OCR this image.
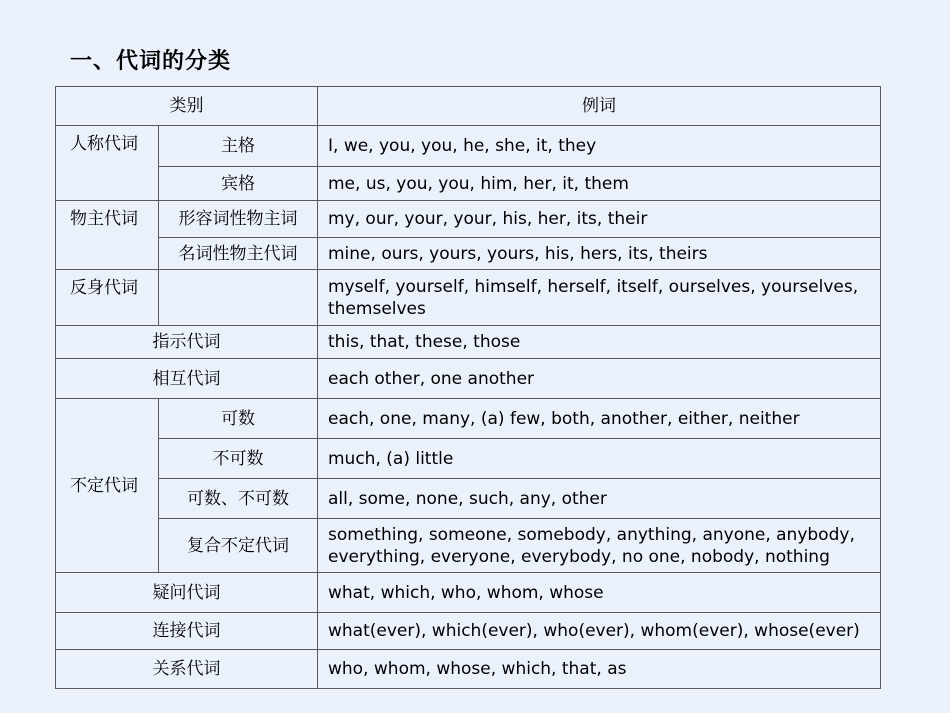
一、代词的分类
类别		例词
人称代词	主格	I, we, you, you, he, she, it, they
	宾格	me, us, you, you, him, her, it, them
物主代词	形容词性物主词	my, our, your, your, his, her, its, their
	名词性物主代词	mine, ours, yours, yours, his, hers, its, theirs
反身代词		myself, yourself, himself, herself, itself, ourselves, yourselves,
themselves

指示代词		this, that, these, those
相互代词		each other, one another
不定代词	可数	each, one, many, (a) few, both, another, either, neither
	不可数	much, (a) little
	可数、不可数	all, some, none, such, any, other
	复合不定代词	something, someone, somebody, anything, anyone, anybody,
everything, everyone, everybody, no one, nobody, nothing

疑问代词		what, which, who, whom, whose
连接代词		what(ever), which(ever), who(ever), whom(ever), whose(ever)
关系代词		who, whom, whose, which, that, as
